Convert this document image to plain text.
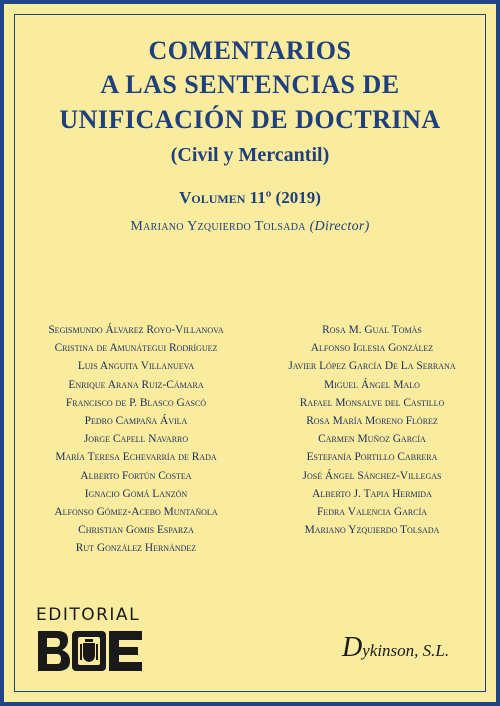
COMENTARIOS
A LAS SENTENCIAS DE
UNIFICACIÓN DE DOCTRINA
(Civil y Mercantil)
Volumen 11º (2019)
Mariano Yzquierdo Tolsada (Director)
Segismundo Álvarez Royo-Villanova
Cristina de Amunátegui Rodríguez
Luis Anguita Villanueva
Enrique Arana Ruiz-Cámara
Francisco de P. Blasco Gascó
Pedro Campaña Ávila
Jorge Capell Navarro
María Teresa Echevarría de Rada
Alberto Fortún Costea
Ignacio Gomá Lanzón
Alfonso Gómez-Acebo Muntañola
Christian Gomis Esparza
Rut González Hernández
Rosa M. Gual Tomàs
Alfonso Iglesia González
Javier López García De La Serrana
Miguel Ángel Malo
Rafael Monsalve del Castillo
Rosa María Moreno Flórez
Carmen Muñoz García
Estefanía Portillo Cabrera
José Ángel Sánchez-Villegas
Alberto J. Tapia Hermida
Fedra Valencia García
Mariano Yzquierdo Tolsada
EDITORIAL
Dykinson, S.L.
